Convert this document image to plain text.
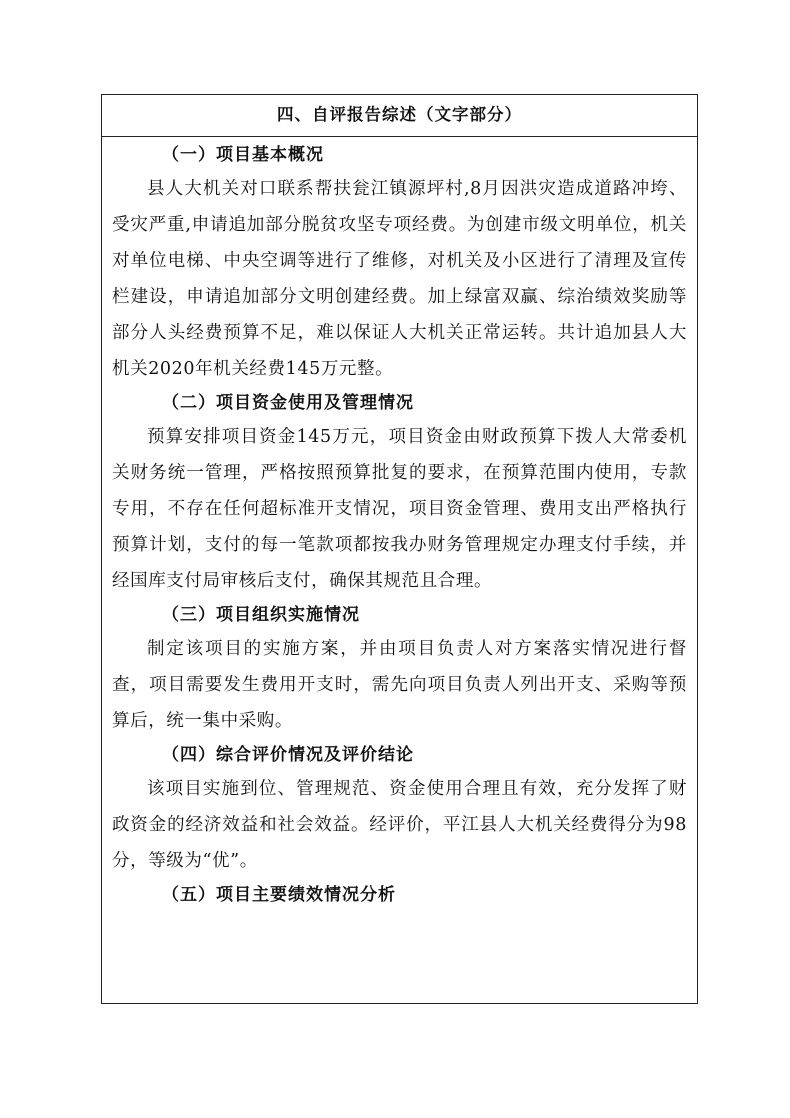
四、自评报告综述（文字部分）
（一）项目基本概况

县人大机关对口联系帮扶瓮江镇源坪村,8月因洪灾造成道路冲垮、受灾严重,申请追加部分脱贫攻坚专项经费。为创建市级文明单位，机关对单位电梯、中央空调等进行了维修，对机关及小区进行了清理及宣传栏建设，申请追加部分文明创建经费。加上绿富双赢、综治绩效奖励等部分人头经费预算不足，难以保证人大机关正常运转。共计追加县人大机关2020年机关经费145万元整。

（二）项目资金使用及管理情况

预算安排项目资金145万元，项目资金由财政预算下拨人大常委机关财务统一管理，严格按照预算批复的要求，在预算范围内使用，专款专用，不存在任何超标准开支情况，项目资金管理、费用支出严格执行预算计划，支付的每一笔款项都按我办财务管理规定办理支付手续，并经国库支付局审核后支付，确保其规范且合理。

（三）项目组织实施情况

制定该项目的实施方案，并由项目负责人对方案落实情况进行督查，项目需要发生费用开支时，需先向项目负责人列出开支、采购等预算后，统一集中采购。

（四）综合评价情况及评价结论

该项目实施到位、管理规范、资金使用合理且有效，充分发挥了财政资金的经济效益和社会效益。经评价，平江县人大机关经费得分为98分，等级为“优”。

（五）项目主要绩效情况分析
